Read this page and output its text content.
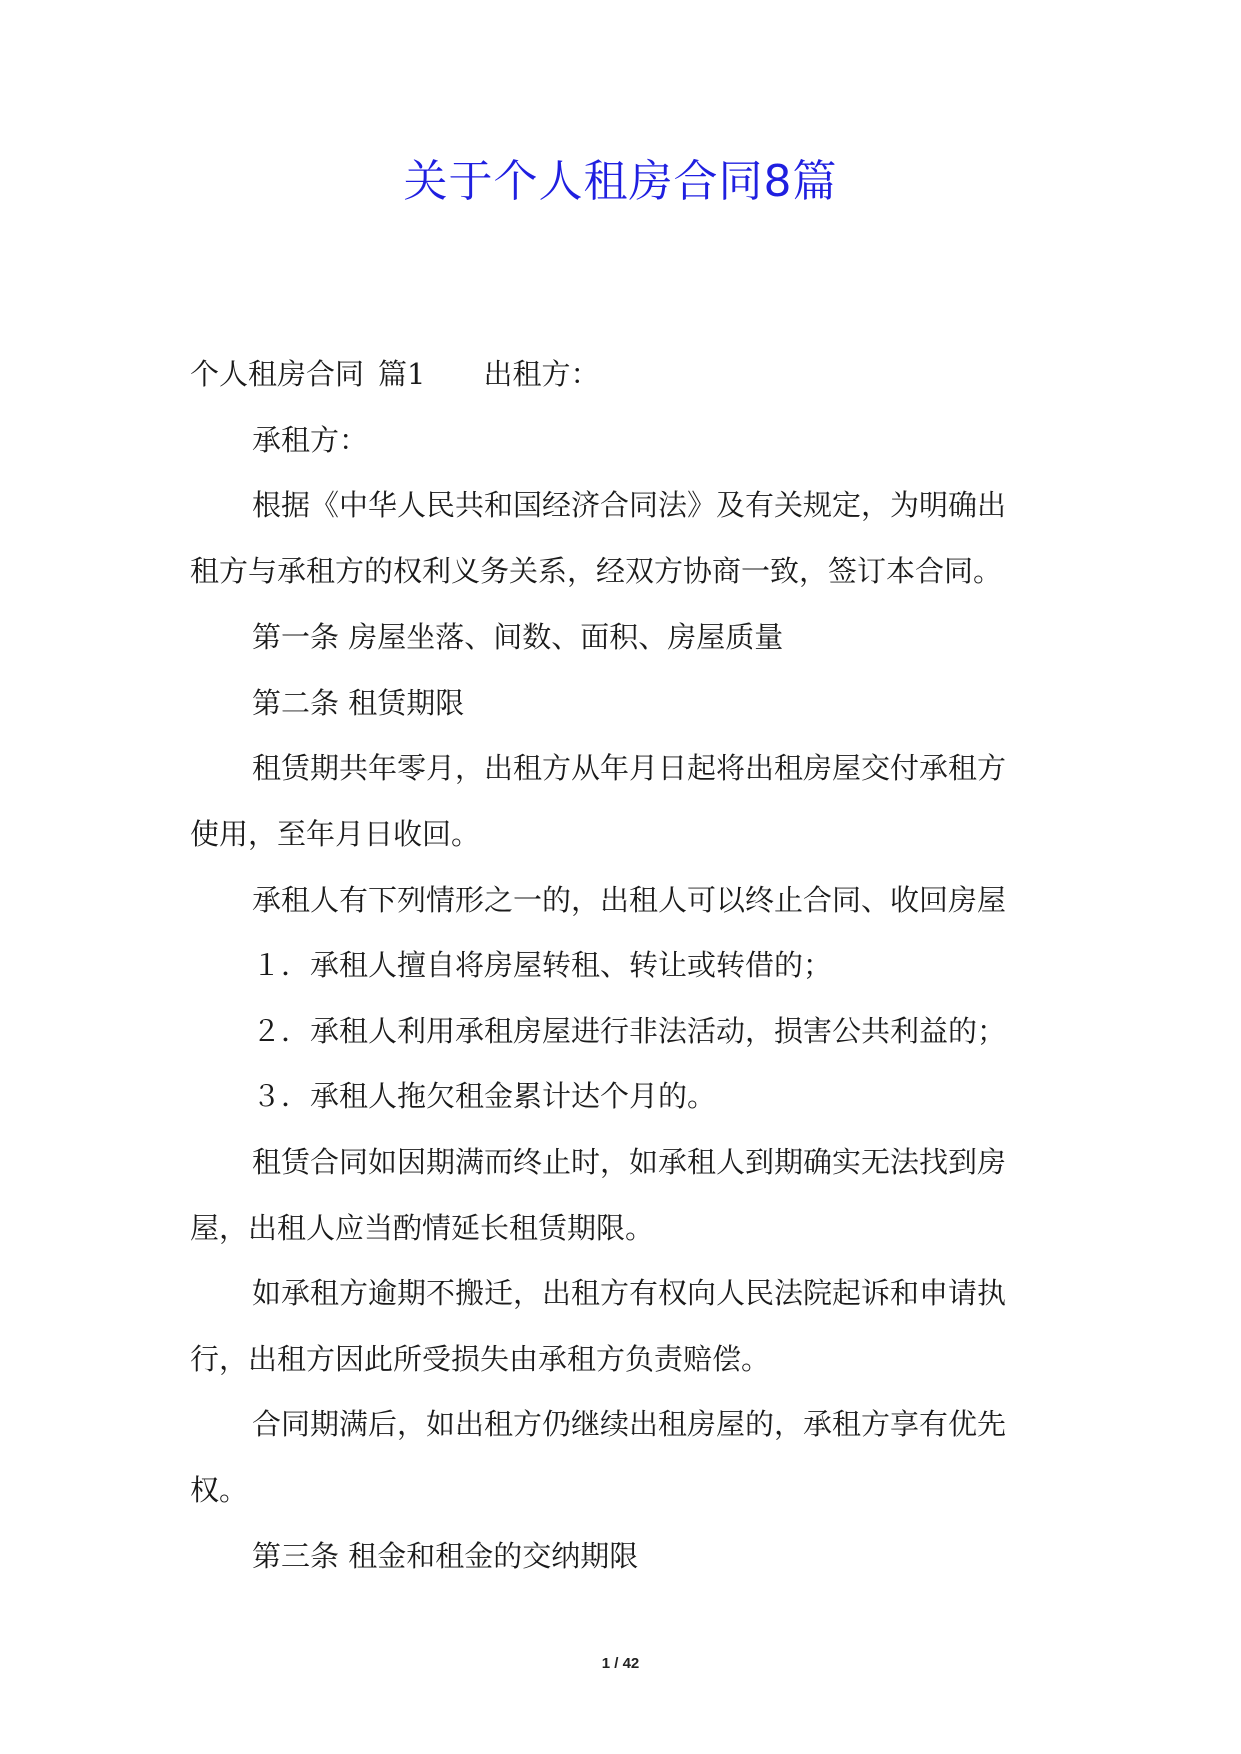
关于个人租房合同8篇

个人租房合同 篇1 出租方：

承租方：

根据《中华人民共和国经济合同法》及有关规定，为明确出

租方与承租方的权利义务关系，经双方协商一致，签订本合同。

第一条 房屋坐落、间数、面积、房屋质量

第二条 租赁期限

租赁期共年零月，出租方从年月日起将出租房屋交付承租方

使用，至年月日收回。

承租人有下列情形之一的，出租人可以终止合同、收回房屋

１．承租人擅自将房屋转租、转让或转借的；

２．承租人利用承租房屋进行非法活动，损害公共利益的；

３．承租人拖欠租金累计达个月的。

租赁合同如因期满而终止时，如承租人到期确实无法找到房

屋，出租人应当酌情延长租赁期限。

如承租方逾期不搬迁，出租方有权向人民法院起诉和申请执

行，出租方因此所受损失由承租方负责赔偿。

合同期满后，如出租方仍继续出租房屋的，承租方享有优先

权。

第三条 租金和租金的交纳期限

1 / 42
